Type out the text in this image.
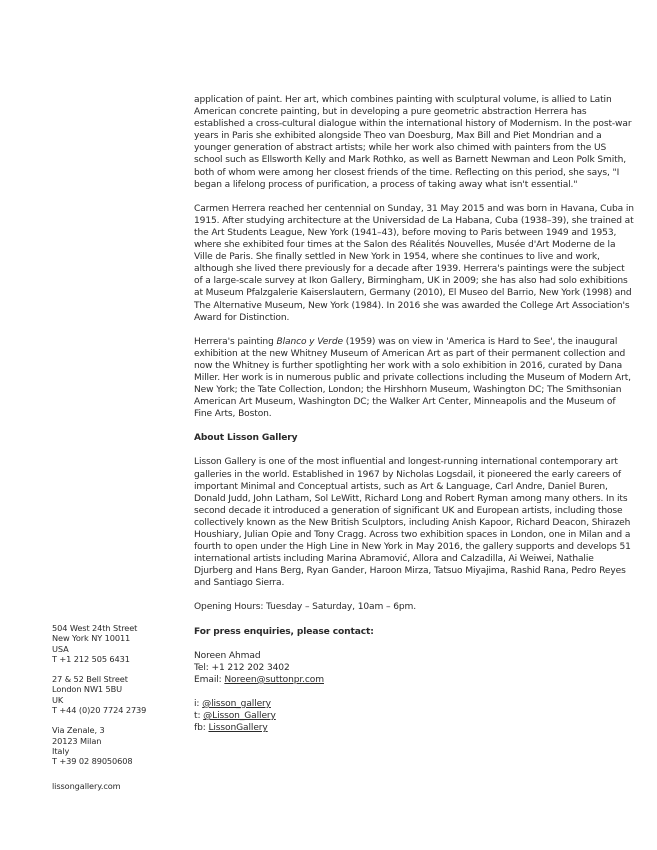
application of paint. Her art, which combines painting with sculptural volume, is allied to Latin American concrete painting, but in developing a pure geometric abstraction Herrera has established a cross-cultural dialogue within the international history of Modernism. In the post-war years in Paris she exhibited alongside Theo van Doesburg, Max Bill and Piet Mondrian and a younger generation of abstract artists; while her work also chimed with painters from the US school such as Ellsworth Kelly and Mark Rothko, as well as Barnett Newman and Leon Polk Smith, both of whom were among her closest friends of the time. Reflecting on this period, she says, "I began a lifelong process of purification, a process of taking away what isn't essential."

Carmen Herrera reached her centennial on Sunday, 31 May 2015 and was born in Havana, Cuba in 1915. After studying architecture at the Universidad de La Habana, Cuba (1938–39), she trained at the Art Students League, New York (1941–43), before moving to Paris between 1949 and 1953, where she exhibited four times at the Salon des Réalités Nouvelles, Musée d'Art Moderne de la Ville de Paris. She finally settled in New York in 1954, where she continues to live and work, although she lived there previously for a decade after 1939. Herrera's paintings were the subject of a large-scale survey at Ikon Gallery, Birmingham, UK in 2009; she has also had solo exhibitions at Museum Pfalzgalerie Kaiserslautern, Germany (2010), El Museo del Barrio, New York (1998) and The Alternative Museum, New York (1984). In 2016 she was awarded the College Art Association's Award for Distinction.

Herrera's painting Blanco y Verde (1959) was on view in 'America is Hard to See', the inaugural exhibition at the new Whitney Museum of American Art as part of their permanent collection and now the Whitney is further spotlighting her work with a solo exhibition in 2016, curated by Dana Miller. Her work is in numerous public and private collections including the Museum of Modern Art, New York; the Tate Collection, London; the Hirshhorn Museum, Washington DC; The Smithsonian American Art Museum, Washington DC; the Walker Art Center, Minneapolis and the Museum of Fine Arts, Boston.

About Lisson Gallery

Lisson Gallery is one of the most influential and longest-running international contemporary art galleries in the world. Established in 1967 by Nicholas Logsdail, it pioneered the early careers of important Minimal and Conceptual artists, such as Art & Language, Carl Andre, Daniel Buren, Donald Judd, John Latham, Sol LeWitt, Richard Long and Robert Ryman among many others. In its second decade it introduced a generation of significant UK and European artists, including those collectively known as the New British Sculptors, including Anish Kapoor, Richard Deacon, Shirazeh Houshiary, Julian Opie and Tony Cragg. Across two exhibition spaces in London, one in Milan and a fourth to open under the High Line in New York in May 2016, the gallery supports and develops 51 international artists including Marina Abramović, Allora and Calzadilla, Ai Weiwei, Nathalie Djurberg and Hans Berg, Ryan Gander, Haroon Mirza, Tatsuo Miyajima, Rashid Rana, Pedro Reyes and Santiago Sierra.

Opening Hours: Tuesday – Saturday, 10am – 6pm.

For press enquiries, please contact:
Noreen Ahmad
Tel: +1 212 202 3402
Email: Noreen@suttonpr.com
i: @lisson_gallery
t: @Lisson_Gallery
fb: LissonGallery
504 West 24th Street
New York NY 10011
USA
T +1 212 505 6431
27 & 52 Bell Street
London NW1 5BU
UK
T +44 (0)20 7724 2739
Via Zenale, 3
20123 Milan
Italy
T +39 02 89050608
lissongallery.com
